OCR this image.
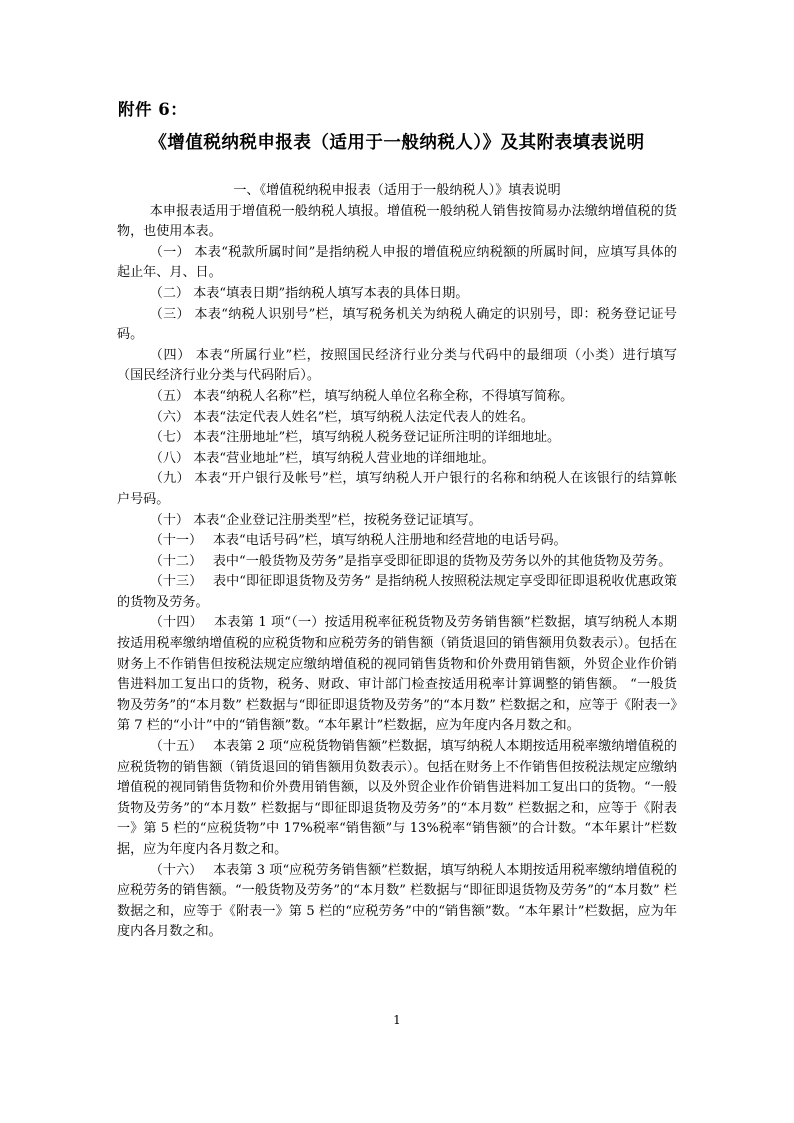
附件 6：
《增值税纳税申报表（适用于一般纳税人）》及其附表填表说明

一、《增值税纳税申报表（适用于一般纳税人）》填表说明

本申报表适用于增值税一般纳税人填报。增值税一般纳税人销售按简易办法缴纳增值税的货物，也使用本表。

（一） 本表“税款所属时间”是指纳税人申报的增值税应纳税额的所属时间，应填写具体的起止年、月、日。

（二） 本表“填表日期”指纳税人填写本表的具体日期。

（三） 本表“纳税人识别号”栏，填写税务机关为纳税人确定的识别号，即：税务登记证号码。

（四） 本表“所属行业”栏，按照国民经济行业分类与代码中的最细项（小类）进行填写（国民经济行业分类与代码附后）。

（五） 本表“纳税人名称”栏，填写纳税人单位名称全称，不得填写简称。

（六） 本表“法定代表人姓名”栏，填写纳税人法定代表人的姓名。

（七） 本表“注册地址”栏，填写纳税人税务登记证所注明的详细地址。

（八） 本表“营业地址”栏，填写纳税人营业地的详细地址。

（九） 本表“开户银行及帐号”栏，填写纳税人开户银行的名称和纳税人在该银行的结算帐户号码。

（十） 本表“企业登记注册类型”栏，按税务登记证填写。

（十一）　 本表“电话号码”栏，填写纳税人注册地和经营地的电话号码。

（十二）　 表中“一般货物及劳务”是指享受即征即退的货物及劳务以外的其他货物及劳务。

（十三）　 表中“即征即退货物及劳务” 是指纳税人按照税法规定享受即征即退税收优惠政策的货物及劳务。

（十四）　 本表第 1 项“（一）按适用税率征税货物及劳务销售额”栏数据，填写纳税人本期按适用税率缴纳增值税的应税货物和应税劳务的销售额（销货退回的销售额用负数表示）。包括在财务上不作销售但按税法规定应缴纳增值税的视同销售货物和价外费用销售额，外贸企业作价销售进料加工复出口的货物，税务、财政、审计部门检查按适用税率计算调整的销售额。 “一般货物及劳务”的“本月数” 栏数据与“即征即退货物及劳务”的“本月数” 栏数据之和，应等于《附表一》第 7 栏的“小计”中的“销售额”数。“本年累计”栏数据，应为年度内各月数之和。

（十五）　 本表第 2 项“应税货物销售额”栏数据，填写纳税人本期按适用税率缴纳增值税的应税货物的销售额（销货退回的销售额用负数表示）。包括在财务上不作销售但按税法规定应缴纳增值税的视同销售货物和价外费用销售额，以及外贸企业作价销售进料加工复出口的货物。“一般货物及劳务”的“本月数” 栏数据与“即征即退货物及劳务”的“本月数” 栏数据之和，应等于《附表一》第 5 栏的“应税货物”中 17%税率“销售额”与 13%税率“销售额”的合计数。“本年累计”栏数据，应为年度内各月数之和。

（十六）　 本表第 3 项“应税劳务销售额”栏数据，填写纳税人本期按适用税率缴纳增值税的应税劳务的销售额。“一般货物及劳务”的“本月数” 栏数据与“即征即退货物及劳务”的“本月数” 栏数据之和，应等于《附表一》第 5 栏的“应税劳务”中的“销售额”数。“本年累计”栏数据，应为年度内各月数之和。

1
